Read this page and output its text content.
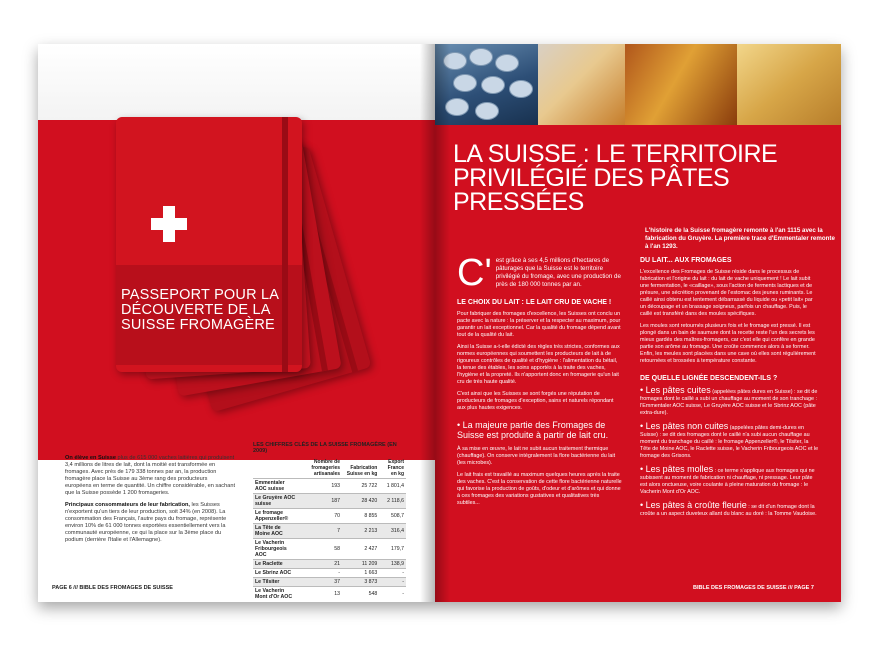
PASSEPORT POUR LA DÉCOUVERTE DE LA SUISSE FROMAGÈRE

On élève en Suisse plus de 615 000 vaches laitières qui produisent 3,4 millions de litres de lait, dont la moitié est transformée en fromages. Avec près de 179 338 tonnes par an, la production fromagère place la Suisse au 3ème rang des producteurs européens en terme de quantité. Un chiffre considérable, en sachant que la Suisse possède 1 200 fromageries.

Principaux consommateurs de leur fabrication, les Suisses n'exportent qu'un tiers de leur production, soit 34% (en 2008). La consommation des Français, l'autre pays du fromage, représente environ 10% de 61 000 tonnes exportées essentiellement vers la communauté européenne, ce qui la place sur la 3ème place du podium (derrière l'Italie et l'Allemagne).

LES CHIFFRES CLÉS DE LA SUISSE FROMAGÈRE (EN 2009)
	Nombre de fromageries artisanales	Fabrication Suisse en kg	Export France en kg
Emmentaler AOC suisse	193	25 722	1 801,4
Le Gruyère AOC suisse	187	28 420	2 118,6
Le fromage Appenzeller®	70	8 855	508,7
La Tête de Moine AOC	7	2 213	316,4
Le Vacherin Fribourgeois AOC	58	2 427	179,7
Le Raclette	21	11 209	138,9
Le Sbrinz AOC	-	1 663	-
Le Tilsiter	37	3 873	-
Le Vacherin Mont d'Or AOC	13	548	-
PAGE 6 /// BIBLE DES FROMAGES DE SUISSE
LA SUISSE : LE TERRITOIRE PRIVILÉGIÉ DES PÂTES PRESSÉES
L'histoire de la Suisse fromagère remonte à l'an 1115 avec la fabrication du Gruyère. La première trace d'Emmentaler remonte à l'an 1293.
C' est grâce à ses 4,5 millions d'hectares de pâturages que la Suisse est le territoire privilégié du fromage, avec une production de près de 180 000 tonnes par an.
LE CHOIX DU LAIT : LE LAIT CRU DE VACHE !
Pour fabriquer des fromages d'excellence, les Suisses ont conclu un pacte avec la nature : la préserver et la respecter au maximum, pour garantir un lait exceptionnel. Car la qualité du fromage dépend avant tout de la qualité du lait.
Ainsi la Suisse a-t-elle édicté des règles très strictes, conformes aux normes européennes qui soumettent les producteurs de lait à de rigoureux contrôles de qualité et d'hygiène : l'alimentation du bétail, la tenue des étables, les soins apportés à la traite des vaches, l'hygiène et la propreté. Ils n'apportent donc en fromagerie qu'un lait cru de très haute qualité.
C'est ainsi que les Suisses se sont forgés une réputation de producteurs de fromages d'exception, sains et naturels répondant aux plus hautes exigences.
• La majeure partie des Fromages de Suisse est produite à partir de lait cru.
À sa mise en œuvre, le lait ne subit aucun traitement thermique (chauffage). On conserve intégralement la flore bactérienne du lait (les microbes).
Le lait frais est travaillé au maximum quelques heures après la traite des vaches. C'est la conservation de cette flore bactérienne naturelle qui favorise la production de goûts, d'odeur et d'arômes et qui donne à ces fromages des variations gustatives et qualitatives très subtiles...
DU LAIT... AUX FROMAGES
L'excellence des Fromages de Suisse réside dans le processus de fabrication et l'origine du lait : du lait de vache uniquement ! Le lait subit une fermentation, le «caillage», sous l'action de ferments lactiques et de présure, une sécrétion provenant de l'estomac des jeunes ruminants. Le caillé ainsi obtenu est lentement débarrassé du liquide ou «petit lait» par un découpage et un brassage soigneux, parfois un chauffage. Puis, le caillé est transféré dans des moules spécifiques.
Les moules sont retournés plusieurs fois et le fromage est pressé. Il est plongé dans un bain de saumure dont la recette reste l'un des secrets les mieux gardés des maîtres-fromagers, car c'est elle qui confère en grande partie son arôme au fromage. Une croûte commence alors à se former. Enfin, les meules sont placées dans une cave où elles sont régulièrement retournées et brossées à température constante.
DE QUELLE LIGNÉE DESCENDENT-ILS ?
• Les pâtes cuites (appelées pâtes dures en Suisse) : se dit de fromages dont le caillé a subi un chauffage au moment de son tranchage : l'Emmentaler AOC suisse, Le Gruyère AOC suisse et le Sbrinz AOC (pâte extra-dure).
• Les pâtes non cuites (appelées pâtes demi-dures en Suisse) : se dit des fromages dont le caillé n'a subi aucun chauffage au moment du tranchage du caillé : le fromage Appenzeller®, le Tilsiter, la Tête de Moine AOC, le Raclette suisse, le Vacherin Fribourgeois AOC et le fromage des Grisons.
• Les pâtes molles : ce terme s'applique aux fromages qui ne subissent au moment de fabrication ni chauffage, ni pressage. Leur pâte est alors onctueuse, voire coulante à pleine maturation du fromage : le Vacherin Mont d'Or AOC.
• Les pâtes à croûte fleurie : se dit d'un fromage dont la croûte a un aspect duveteux allant du blanc au doré : la Tomme Vaudoise.
BIBLE DES FROMAGES DE SUISSE /// PAGE 7
